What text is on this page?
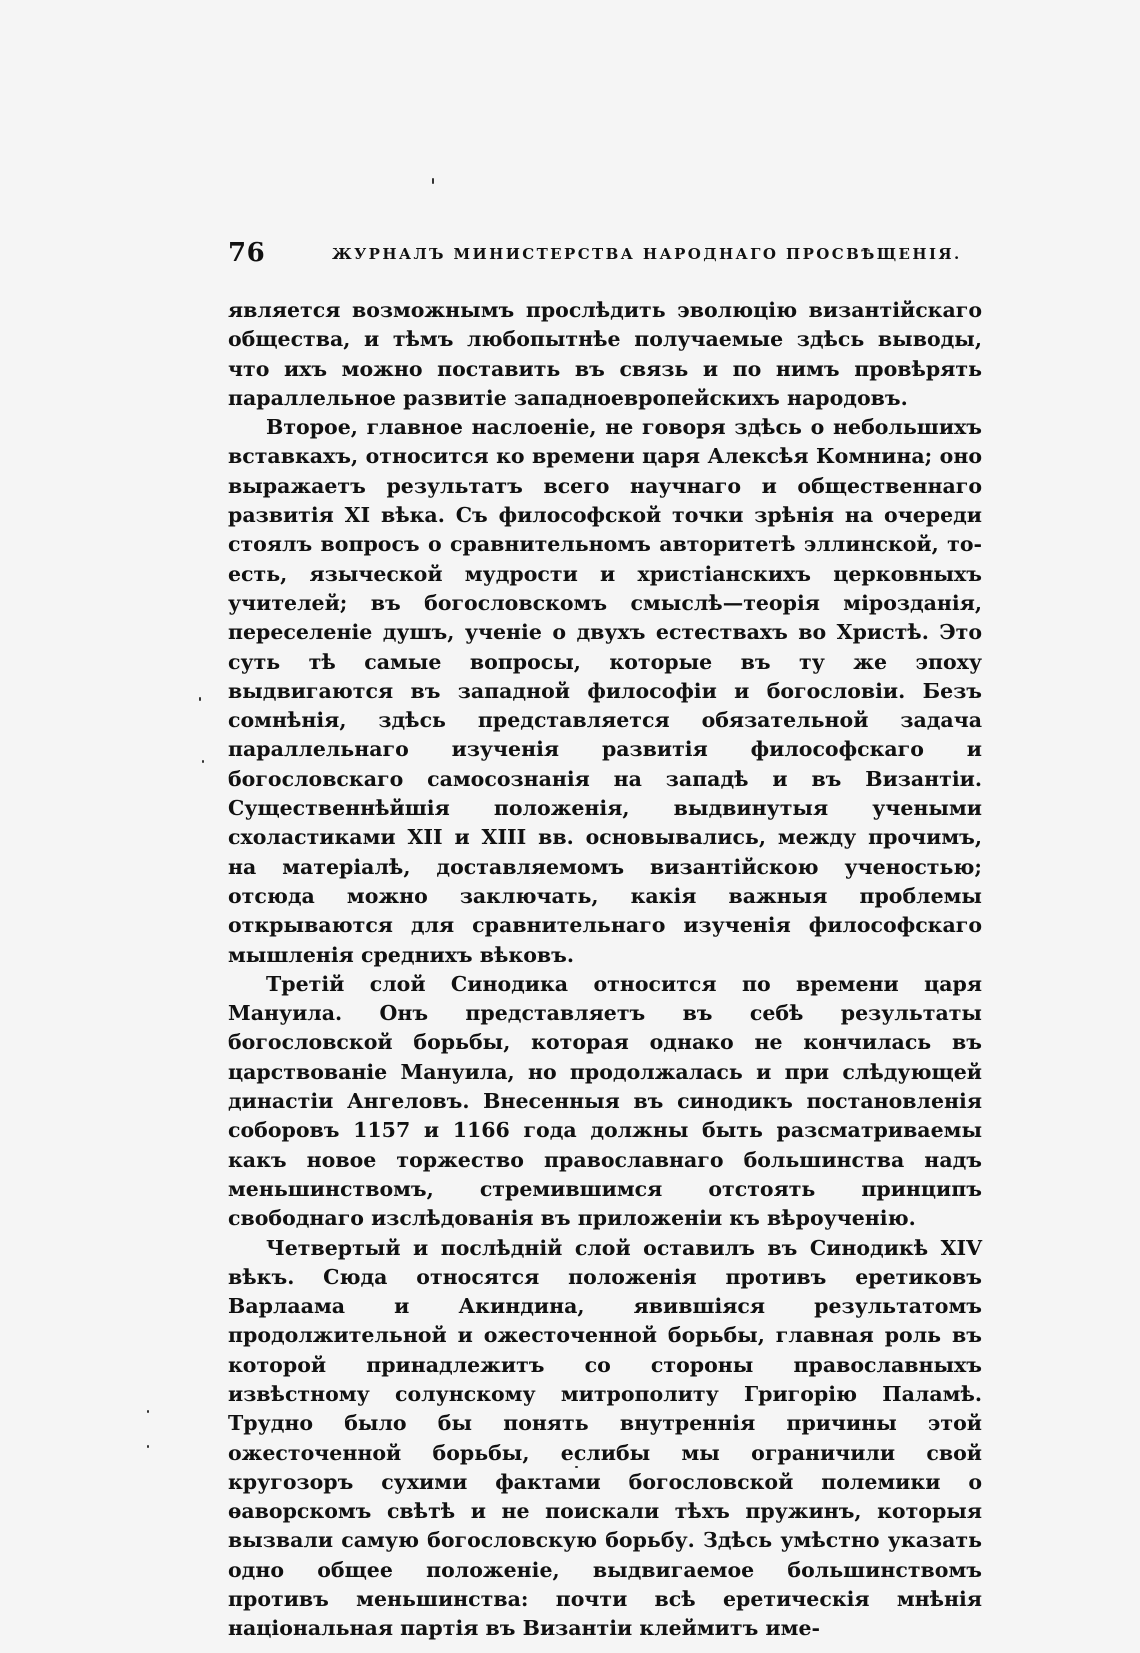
76	ЖУРНАЛЪ МИНИСТЕРСТВА НАРОДНАГО ПРОСВѢЩЕНІЯ.

является возможнымъ прослѣдить эволюцію византійскаго общества, и тѣмъ любопытнѣе получаемые здѣсь выводы, что ихъ можно поставить въ связь и по нимъ провѣрять параллельное развитіе западноевропейскихъ народовъ.

Второе, главное наслоеніе, не говоря здѣсь о небольшихъ вставкахъ, относится ко времени царя Алексѣя Комнина; оно выражаетъ результатъ всего научнаго и общественнаго развитія XI вѣка. Съ философской точки зрѣнія на очереди стоялъ вопросъ о сравнительномъ авторитетѣ эллинской, то-есть, языческой мудрости и христіанскихъ церковныхъ учителей; въ богословскомъ смыслѣ—теорія мірозданія, переселеніе душъ, ученіе о двухъ естествахъ во Христѣ. Это суть тѣ самые вопросы, которые въ ту же эпоху выдвигаются въ западной философіи и богословіи. Безъ сомнѣнія, здѣсь представляется обязательной задача параллельнаго изученія развитія философскаго и богословскаго самосознанія на западѣ и въ Византіи. Существеннѣйшія положенія, выдвинутыя учеными схоластиками XII и XIII вв. основывались, между прочимъ, на матеріалѣ, доставляемомъ византійскою ученостью; отсюда можно заключать, какія важныя проблемы открываются для сравнительнаго изученія философскаго мышленія среднихъ вѣковъ.

Третій слой Синодика относится по времени царя Мануила. Онъ представляетъ въ себѣ результаты богословской борьбы, которая однако не кончилась въ царствованіе Мануила, но продолжалась и при слѣдующей династіи Ангеловъ. Внесенныя въ синодикъ постановленія соборовъ 1157 и 1166 года должны быть разсматриваемы какъ новое торжество православнаго большинства надъ меньшинствомъ, стремившимся отстоять принципъ свободнаго изслѣдованія въ приложеніи къ вѣроученію.

Четвертый и послѣдній слой оставилъ въ Синодикѣ XIV вѣкъ. Сюда относятся положенія противъ еретиковъ Варлаама и Акиндина, явившіяся результатомъ продолжительной и ожесточенной борьбы, главная роль въ которой принадлежитъ со стороны православныхъ извѣстному солунскому митрополиту Григорію Паламѣ. Трудно было бы понять внутреннія причины этой ожесточенной борьбы, еслибы мы ограничили свой кругозоръ сухими фактами богословской полемики о ѳаворскомъ свѣтѣ и не поискали тѣхъ пружинъ, которыя вызвали самую богословскую борьбу. Здѣсь умѣстно указать одно общее положеніе, выдвигаемое большинствомъ противъ меньшинства: почти всѣ еретическія мнѣнія національная партія въ Византіи клеймитъ име-
